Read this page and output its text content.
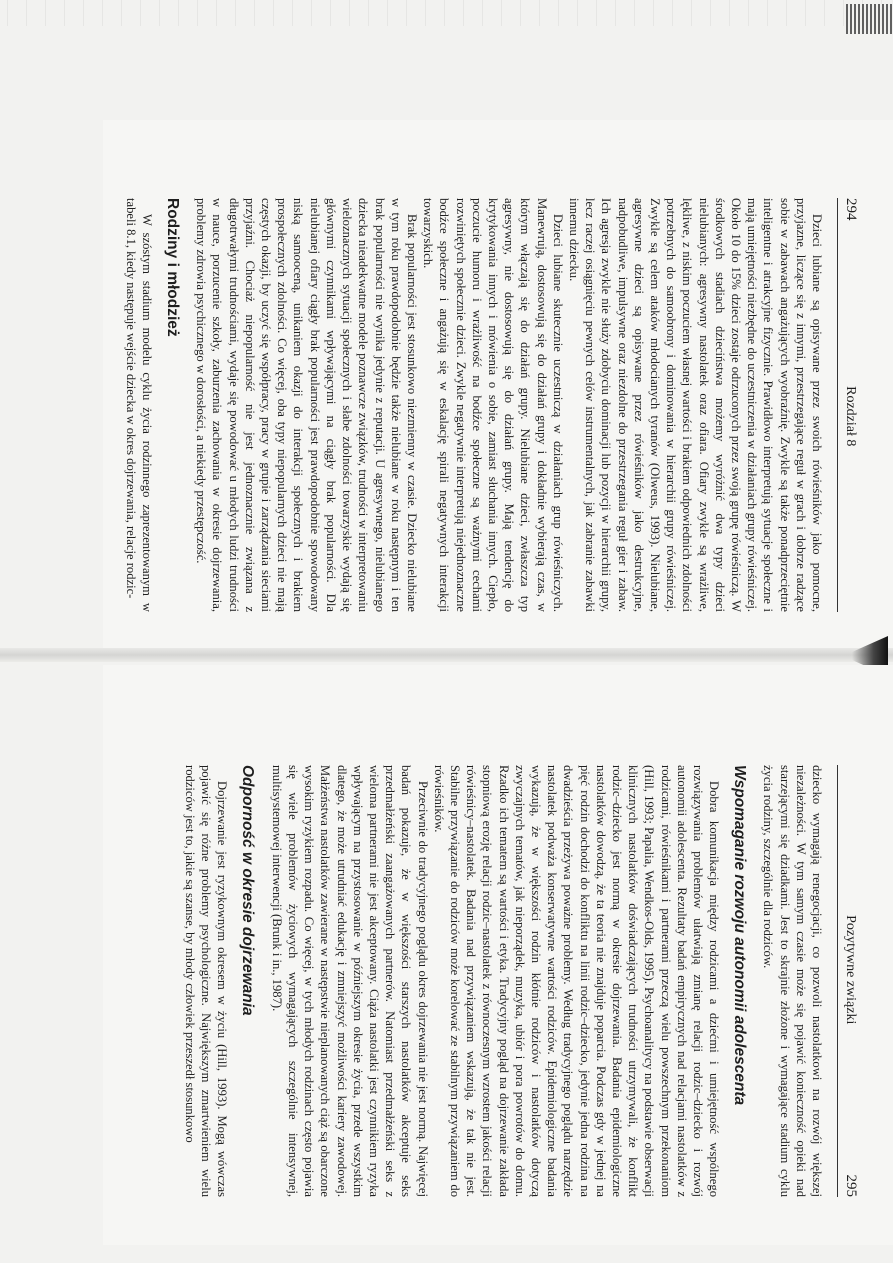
294
Rozdział 8

Dzieci lubiane są opisywane przez swoich rówieśników jako pomocne, przyjazne, liczące się z innymi, przestrzegające reguł w grach i dobrze radzące sobie w zabawach angażujących wyobraźnię. Zwykle są także ponadprzeciętnie inteligentne i atrakcyjne fizycznie. Prawidłowo interpretują sytuacje społeczne i mają umiejętności niezbędne do uczestniczenia w działaniach grupy rówieśniczej. Około 10 do 15% dzieci zostaje odrzuconych przez swoją grupę rówieśniczą. W środkowych stadiach dzieciństwa możemy wyróżnić dwa typy dzieci nielubianych: agresywny nastolatek oraz ofiara. Ofiary zwykle są wrażliwe, lękliwe, z niskim poczuciem własnej wartości i brakiem odpowiednich zdolności potrzebnych do samoobrony i dominowania w hierarchii grupy rówieśniczej. Zwykle są celem ataków młodocianych tyranów (Olweus, 1993). Nielubiane, agresywne dzieci są opisywane przez rówieśników jako destrukcyjne, nadpobudliwe, impulsywne oraz niezdolne do przestrzegania reguł gier i zabaw. Ich agresja zwykle nie służy zdobyciu dominacji lub pozycji w hierarchii grupy, lecz raczej osiągnięciu pewnych celów instrumentalnych, jak zabranie zabawki innemu dziecku.

Dzieci lubiane skutecznie uczestniczą w działaniach grup rówieśniczych. Manewrują, dostosowują się do działań grupy i dokładnie wybierają czas, w którym włączają się do działań grupy. Nielubiane dzieci, zwłaszcza typ agresywny, nie dostosowują się do działań grupy. Mają tendencję do krytykowania innych i mówienia o sobie, zamiast słuchania innych. Ciepło, poczucie humoru i wrażliwość na bodźce społeczne są ważnymi cechami rozwiniętych społecznie dzieci. Zwykle negatywnie interpretują niejednoznaczne bodźce społeczne i angażują się w eskalację spirali negatywnych interakcji towarzyskich.

Brak popularności jest stosunkowo niezmienny w czasie. Dziecko nielubiane w tym roku prawdopodobnie będzie także nielubiane w roku następnym i ten brak popularności nie wynika jedynie z reputacji. U agresywnego, nielubianego dziecka nieadekwatne modele poznawcze związków, trudności w interpretowaniu wieloznacznych sytuacji społecznych i słabe zdolności towarzyskie wydają się głównymi czynnikami wpływającymi na ciągły brak popularności. Dla nielubianej ofiary ciągły brak popularności jest prawdopodobnie spowodowany niską samooceną, unikaniem okazji do interakcji społecznych i brakiem prospołecznych zdolności. Co więcej, oba typy niepopularnych dzieci nie mają częstych okazji, by uczyć się współpracy, pracy w grupie i zarządzania sieciami przyjaźni. Chociaż niepopularność nie jest jednoznacznie związana z długotrwałymi trudnościami, wydaje się powodować u młodych ludzi trudności w nauce, porzucenie szkoły, zaburzenia zachowania w okresie dojrzewania, problemy zdrowia psychicznego w dorosłości, a niekiedy przestępczość.

Rodziny i młodzież

W szóstym stadium modelu cyklu życia rodzinnego zaprezentowanym w tabeli 8.1, kiedy następuje wejście dziecka w okres dojrzewania, relacje rodzic-

Pozytywne związki
295

dziecko wymagają renegocjacji, co pozwoli nastolatkowi na rozwój większej niezależności. W tym samym czasie może się pojawić konieczność opieki nad starzejącymi się dziadkami. Jest to skrajnie złożone i wymagające stadium cyklu życia rodziny, szczególnie dla rodziców.

Wspomaganie rozwoju autonomii adolescenta

Dobra komunikacja między rodzicami a dziećmi i umiejętność wspólnego rozwiązywania problemów ułatwiają zmianę relacji rodzic–dziecko i rozwój autonomii adolescenta. Rezultaty badań empirycznych nad relacjami nastolatków z rodzicami, rówieśnikami i partnerami przeczą wielu powszechnym przekonaniom (Hill, 1993; Papalia, Wendkos-Olds, 1995). Psychoanalitycy na podstawie obserwacji klinicznych nastolatków doświadczających trudności utrzymywali, że konflikt rodzic–dziecko jest normą w okresie dojrzewania. Badania epidemiologiczne nastolatków dowodzą, że ta teoria nie znajduje poparcia. Podczas gdy w jednej na pięć rodzin dochodzi do konfliktu na linii rodzic–dziecko, jedynie jedna rodzina na dwadzieścia przeżywa poważne problemy. Według tradycyjnego poglądu narzędzie nastolatek podważa konserwatywne wartości rodziców. Epidemiologiczne badania wykazują, że w większości rodzin kłótnie rodziców i nastolatków dotyczą zwyczajnych tematów, jak nieporządek, muzyka, ubiór i pora powrotów do domu. Rzadko ich tematem są wartości i etyka. Tradycyjny pogląd na dojrzewanie zakłada stopniową erozję relacji rodzic–nastolatek z równoczesnym wzrostem jakości relacji rówieśnicy–nastolatek. Badania nad przywiązaniem wskazują, że tak nie jest. Stabilne przywiązanie do rodziców może korelować ze stabilnym przywiązaniem do rówieśników.

Przeciwnie do tradycyjnego poglądu okres dojrzewania nie jest normą. Najwięcej badań pokazuje, że w większości starszych nastolatków akceptuje seks przedmałżeński zaangażowanych partnerów. Natomiast przedmałżeński seks z wieloma partnerami nie jest akceptowany. Ciąża nastolatki jest czynnikiem ryzyka wpływającym na przystosowanie w późniejszym okresie życia, przede wszystkim dlatego, że może utrudniać edukację i zmniejszyć możliwości kariery zawodowej. Małżeństwa nastolatków zawierane w następstwie nieplanowanych ciąż są obarczone wysokim ryzykiem rozpadu. Co więcej, w tych młodych rodzinach często pojawia się wiele problemów życiowych wymagających szczególnie intensywnej, multisystemowej interwencji (Brunk i in., 1987).

Odporność w okresie dojrzewania

Dojrzewanie jest ryzykownym okresem w życiu (Hill, 1993). Mogą wówczas pojawić się różne problemy psychologiczne. Największym zmartwieniem wielu rodziców jest to, jakie są szanse, by młody człowiek przeszedł stosunkowo
